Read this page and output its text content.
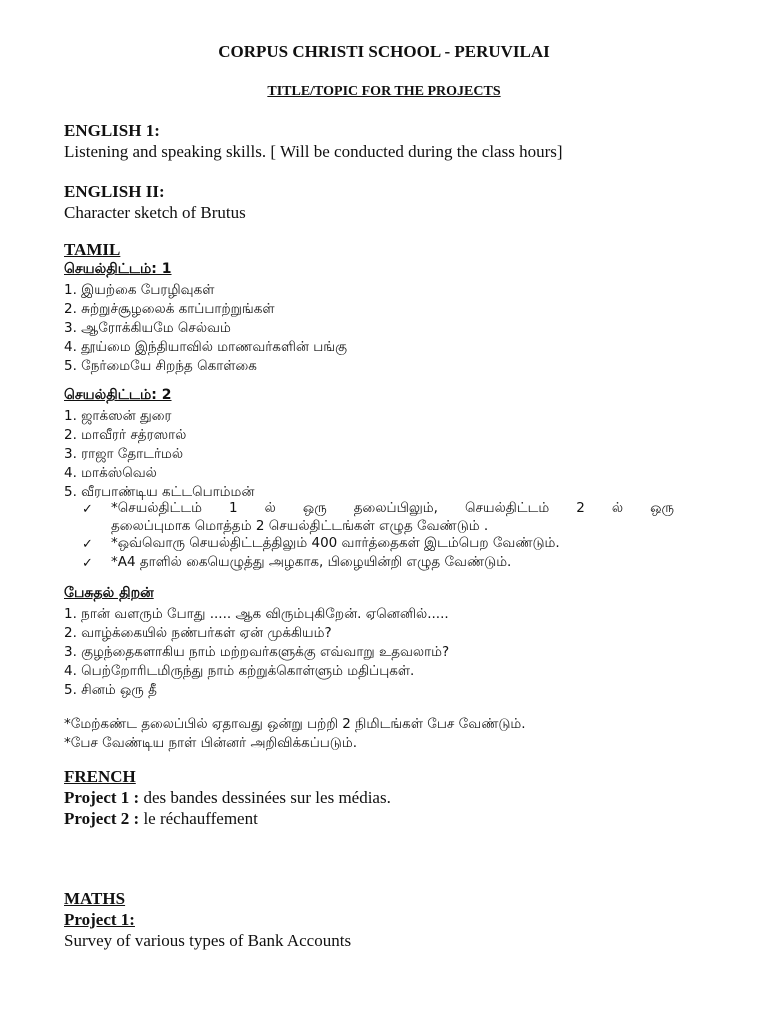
CORPUS CHRISTI SCHOOL - PERUVILAI
TITLE/TOPIC FOR THE PROJECTS
ENGLISH 1:
Listening and speaking skills. [ Will be conducted during the class hours]
ENGLISH II:
Character sketch of Brutus
TAMIL
செயல்திட்டம்: 1
1. இயற்கை பேரழிவுகள்
2. சுற்றுச்சூழலைக் காப்பாற்றுங்கள்
3. ஆரோக்கியமே செல்வம்
4. தூய்மை இந்தியாவில் மாணவர்களின் பங்கு
5. நேர்மையே சிறந்த கொள்கை
செயல்திட்டம்: 2
1. ஜாக்ஸன் துரை
2. மாவீரர் சத்ரஸால்
3. ராஜா தோடர்மல்
4. மாக்ஸ்வெல்
5. வீரபாண்டிய கட்டபொம்மன்
✓ *செயல்திட்டம் 1 ல் ஒரு தலைப்பிலும், செயல்திட்டம் 2 ல் ஒரு
தலைப்புமாக மொத்தம் 2 செயல்திட்டங்கள் எழுத வேண்டும் .
✓ *ஒவ்வொரு செயல்திட்டத்திலும் 400 வார்த்தைகள் இடம்பெற வேண்டும்.
✓ *A4 தாளில் கையெழுத்து அழகாக, பிழையின்றி எழுத வேண்டும்.
பேசுதல் திறன்
1. நான் வளரும் போது ..... ஆக விரும்புகிறேன். ஏனெனில்.....
2. வாழ்க்கையில் நண்பர்கள் ஏன் முக்கியம்?
3. குழந்தைகளாகிய நாம் மற்றவர்களுக்கு எவ்வாறு உதவலாம்?
4. பெற்றோரிடமிருந்து நாம் கற்றுக்கொள்ளும் மதிப்புகள்.
5. சினம் ஒரு தீ
*மேற்கண்ட தலைப்பில் ஏதாவது ஒன்று பற்றி 2 நிமிடங்கள் பேச வேண்டும்.
*பேச வேண்டிய நாள் பின்னர் அறிவிக்கப்படும்.
FRENCH
Project 1 : des bandes dessinées sur les médias.
Project 2 : le réchauffement
MATHS
Project 1:
Survey of various types of Bank Accounts
